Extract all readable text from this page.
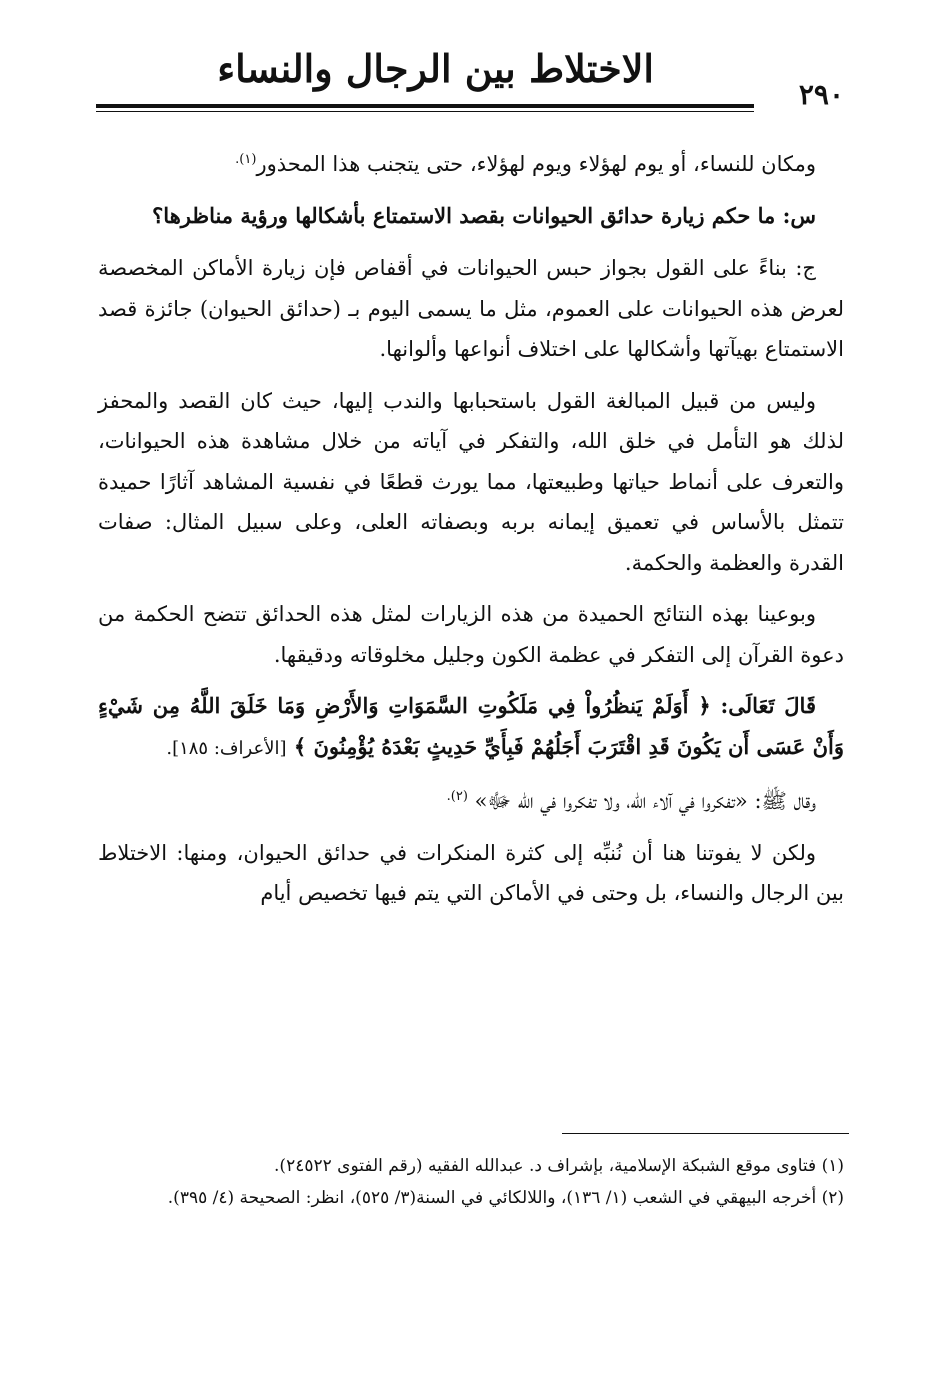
الاختلاط بين الرجال والنساء
٢٩٠

ومكان للنساء، أو يوم لهؤلاء ويوم لهؤلاء، حتى يتجنب هذا المحذور$^{(١).}$

س: ما حكم زيارة حدائق الحيوانات بقصد الاستمتاع بأشكالها ورؤية مناظرها؟

ج: بناءً على القول بجواز حبس الحيوانات في أقفاص فإن زيارة الأماكن المخصصة لعرض هذه الحيوانات على العموم، مثل ما يسمى اليوم بـ (حدائق الحيوان) جائزة قصد الاستمتاع بهيآتها وأشكالها على اختلاف أنواعها وألوانها.

وليس من قبيل المبالغة القول باستحبابها والندب إليها، حيث كان القصد والمحفز لذلك هو التأمل في خلق الله، والتفكر في آياته من خلال مشاهدة هذه الحيوانات، والتعرف على أنماط حياتها وطبيعتها، مما يورث قطعًا في نفسية المشاهد آثارًا حميدة تتمثل بالأساس في تعميق إيمانه بربه وبصفاته العلى، وعلى سبيل المثال: صفات القدرة والعظمة والحكمة.

وبوعينا بهذه النتائج الحميدة من هذه الزيارات لمثل هذه الحدائق تتضح الحكمة من دعوة القرآن إلى التفكر في عظمة الكون وجليل مخلوقاته ودقيقها.

قَالَ تَعَالَى: ﴿ أَوَلَمْ يَنظُرُواْ فِي مَلَكُوتِ السَّمَوَاتِ وَالأَرْضِ وَمَا خَلَقَ اللَّهُ مِن شَيْءٍ وَأَنْ عَسَى أَن يَكُونَ قَدِ اقْتَرَبَ أَجَلُهُمْ فَبِأَيِّ حَدِيثٍ بَعْدَهُ يُؤْمِنُونَ ﴾ [الأعراف: ١٨٥].

وقال ﷺ: «تفكروا في آلاء الله، ولا تفكروا في الله ﷻ» $^{(٢).}$

ولكن لا يفوتنا هنا أن نُنبِّه إلى كثرة المنكرات في حدائق الحيوان، ومنها: الاختلاط بين الرجال والنساء، بل وحتى في الأماكن التي يتم فيها تخصيص أيام

(١) فتاوى موقع الشبكة الإسلامية، بإشراف د. عبدالله الفقيه (رقم الفتوى ٢٤٥٢٢).

(٢) أخرجه البيهقي في الشعب (١/ ١٣٦)، واللالكائي في السنة(٣/ ٥٢٥)، انظر: الصحيحة (٤/ ٣٩٥).
